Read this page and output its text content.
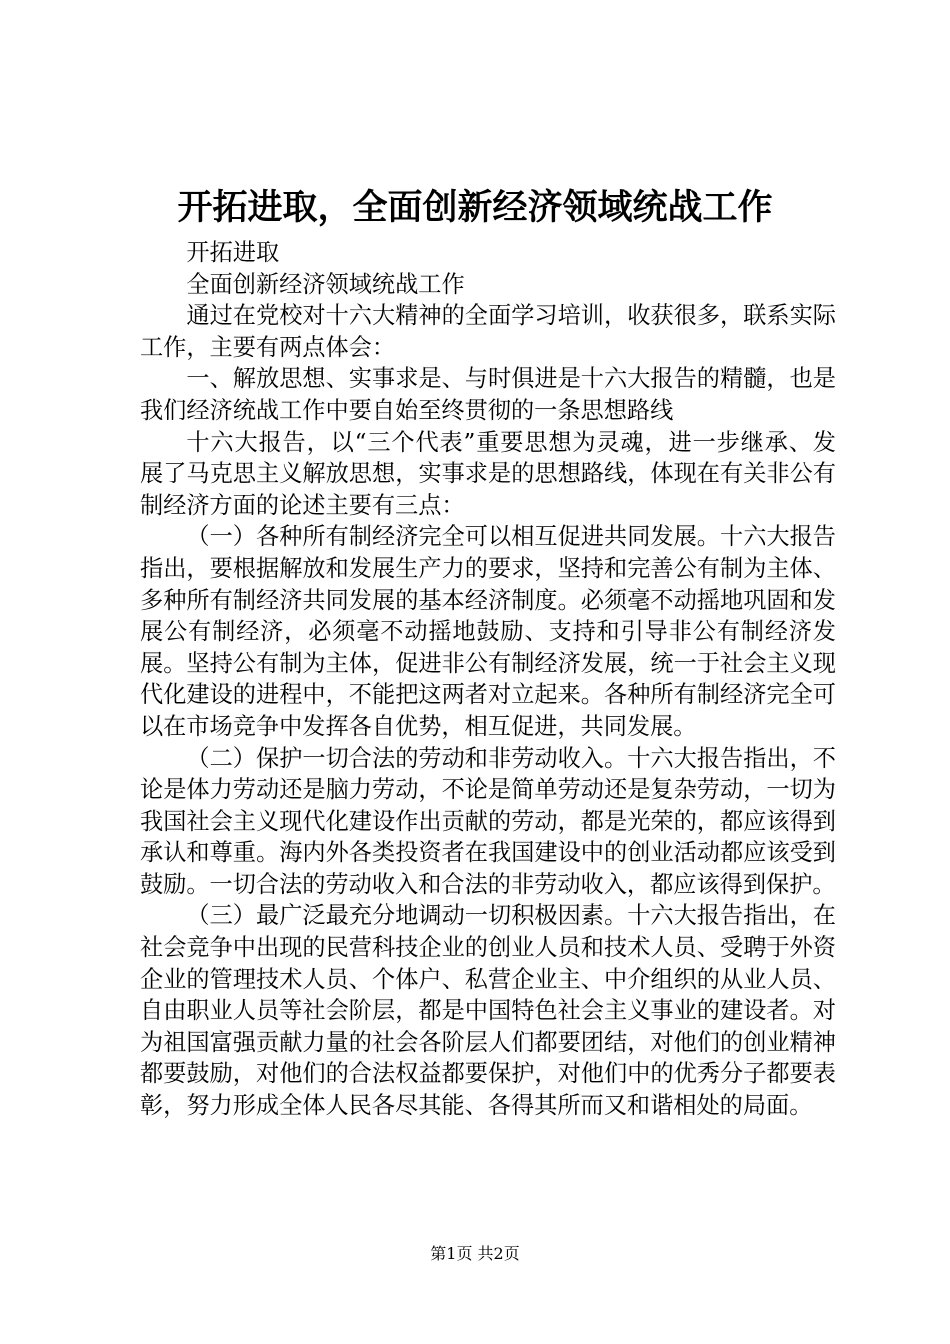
开拓进取，全面创新经济领域统战工作

开拓进取

全面创新经济领域统战工作

通过在党校对十六大精神的全面学习培训，收获很多，联系实际工作，主要有两点体会：

一、解放思想、实事求是、与时俱进是十六大报告的精髓，也是我们经济统战工作中要自始至终贯彻的一条思想路线

十六大报告，以“三个代表”重要思想为灵魂，进一步继承、发展了马克思主义解放思想，实事求是的思想路线，体现在有关非公有制经济方面的论述主要有三点：

（一）各种所有制经济完全可以相互促进共同发展。十六大报告指出，要根据解放和发展生产力的要求，坚持和完善公有制为主体、多种所有制经济共同发展的基本经济制度。必须毫不动摇地巩固和发展公有制经济，必须毫不动摇地鼓励、支持和引导非公有制经济发展。坚持公有制为主体，促进非公有制经济发展，统一于社会主义现代化建设的进程中，不能把这两者对立起来。各种所有制经济完全可以在市场竞争中发挥各自优势，相互促进，共同发展。

（二）保护一切合法的劳动和非劳动收入。十六大报告指出，不论是体力劳动还是脑力劳动，不论是简单劳动还是复杂劳动，一切为我国社会主义现代化建设作出贡献的劳动，都是光荣的，都应该得到承认和尊重。海内外各类投资者在我国建设中的创业活动都应该受到鼓励。一切合法的劳动收入和合法的非劳动收入，都应该得到保护。

（三）最广泛最充分地调动一切积极因素。十六大报告指出，在社会竞争中出现的民营科技企业的创业人员和技术人员、受聘于外资企业的管理技术人员、个体户、私营企业主、中介组织的从业人员、自由职业人员等社会阶层，都是中国特色社会主义事业的建设者。对为祖国富强贡献力量的社会各阶层人们都要团结，对他们的创业精神都要鼓励，对他们的合法权益都要保护，对他们中的优秀分子都要表彰，努力形成全体人民各尽其能、各得其所而又和谐相处的局面。

第1页 共2页
